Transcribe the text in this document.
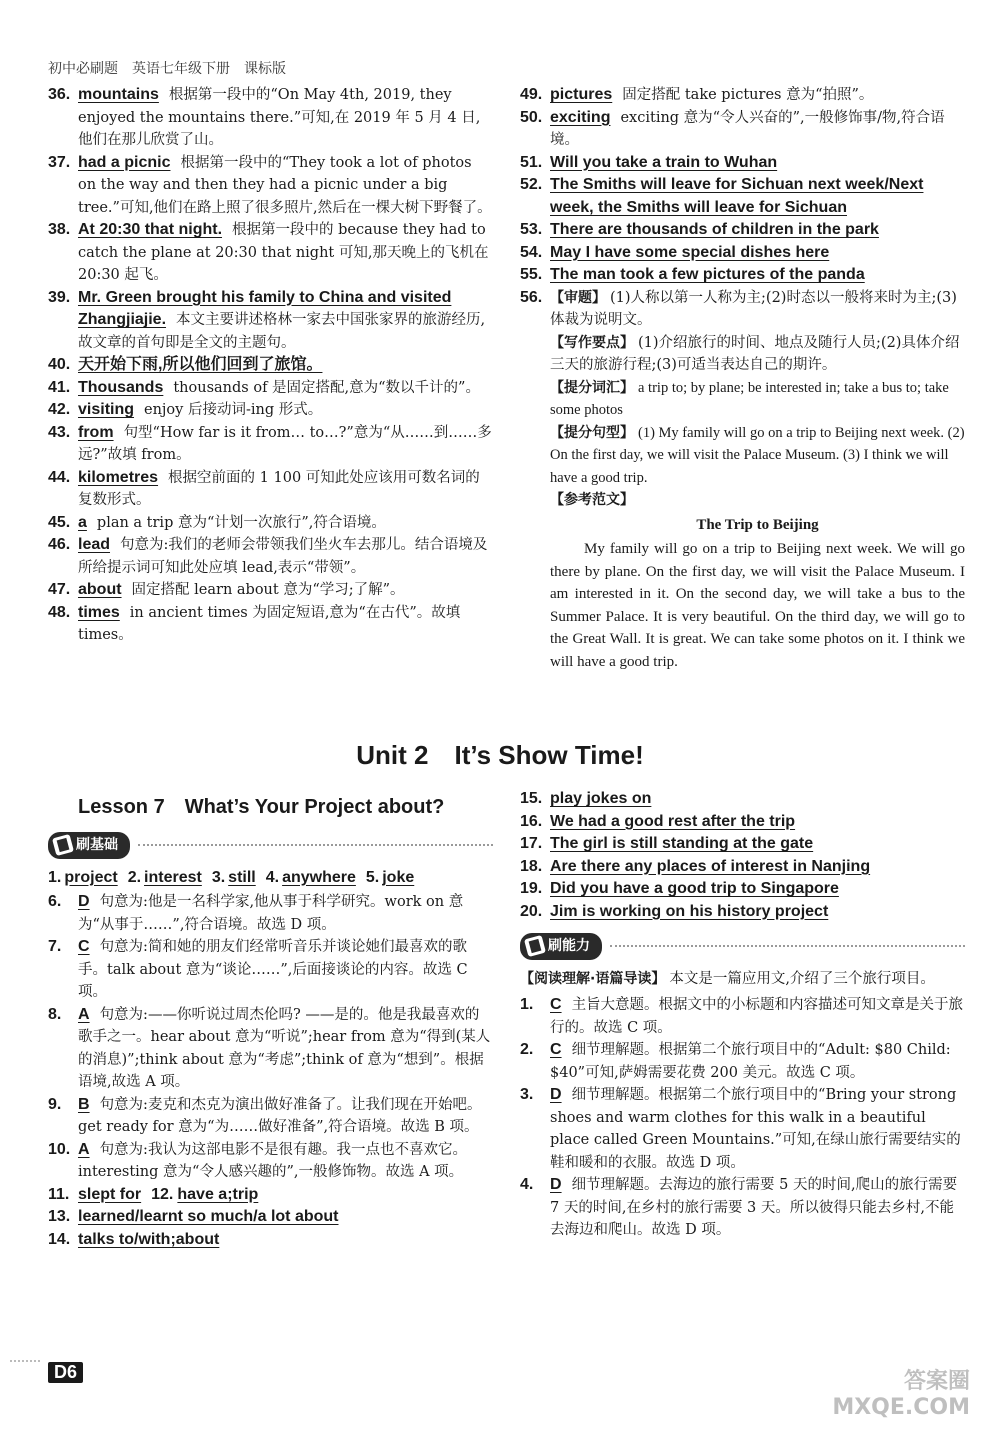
初中必刷题　英语七年级下册　课标版
36. mountains 根据第一段中的“On May 4th, 2019, they enjoyed the mountains there.”可知,在 2019 年 5 月 4 日,他们在那儿欣赏了山。
37. had a picnic 根据第一段中的“They took a lot of photos on the way and then they had a picnic under a big tree.”可知,他们在路上照了很多照片,然后在一棵大树下野餐了。
38. At 20:30 that night. 根据第一段中的 because they had to catch the plane at 20:30 that night 可知,那天晚上的飞机在 20:30 起飞。
39. Mr. Green brought his family to China and visited Zhangjiajie. 本文主要讲述格林一家去中国张家界的旅游经历,故文章的首句即是全文的主题句。
40. 天开始下雨,所以他们回到了旅馆。
41. Thousands thousands of 是固定搭配,意为“数以千计的”。
42. visiting enjoy 后接动词-ing 形式。
43. from 句型“How far is it from… to…?”意为“从……到……多远?”故填 from。
44. kilometres 根据空前面的 1 100 可知此处应该用可数名词的复数形式。
45. a plan a trip 意为“计划一次旅行”,符合语境。
46. lead 句意为:我们的老师会带领我们坐火车去那儿。结合语境及所给提示词可知此处应填 lead,表示“带领”。
47. about 固定搭配 learn about 意为“学习;了解”。
48. times in ancient times 为固定短语,意为“在古代”。故填 times。
49. pictures 固定搭配 take pictures 意为“拍照”。
50. exciting exciting 意为“令人兴奋的”,一般修饰事/物,符合语境。
51. Will you take a train to Wuhan
52. The Smiths will leave for Sichuan next week/Next week, the Smiths will leave for Sichuan
53. There are thousands of children in the park
54. May I have some special dishes here
55. The man took a few pictures of the panda
56. 【审题】 (1)人称以第一人称为主;(2)时态以一般将来时为主;(3)体裁为说明文。
【写作要点】 (1)介绍旅行的时间、地点及随行人员;(2)具体介绍三天的旅游行程;(3)可适当表达自己的期许。
【提分词汇】 a trip to; by plane; be interested in; take a bus to; take some photos
【提分句型】 (1) My family will go on a trip to Beijing next week. (2) On the first day, we will visit the Palace Museum. (3) I think we will have a good trip.
【参考范文】
The Trip to Beijing

My family will go on a trip to Beijing next week. We will go there by plane. On the first day, we will visit the Palace Museum. I am interested in it. On the second day, we will take a bus to the Summer Palace. It is very beautiful. On the third day, we will go to the Great Wall. It is great. We can take some photos on it. I think we will have a good trip.

Unit 2　It’s Show Time!
Lesson 7　What’s Your Project about?
刷基础
1. project 2. interest 3. still 4. anywhere 5. joke
6. D 句意为:他是一名科学家,他从事于科学研究。work on 意为“从事于……”,符合语境。故选 D 项。
7. C 句意为:简和她的朋友们经常听音乐并谈论她们最喜欢的歌手。talk about 意为“谈论……”,后面接谈论的内容。故选 C 项。
8. A 句意为:——你听说过周杰伦吗? ——是的。他是我最喜欢的歌手之一。hear about 意为“听说”;hear from 意为“得到(某人的消息)”;think about 意为“考虑”;think of 意为“想到”。根据语境,故选 A 项。
9. B 句意为:麦克和杰克为演出做好准备了。让我们现在开始吧。get ready for 意为“为……做好准备”,符合语境。故选 B 项。
10. A 句意为:我认为这部电影不是很有趣。我一点也不喜欢它。interesting 意为“令人感兴趣的”,一般修饰物。故选 A 项。
11. slept for 12. have a;trip
13. learned/learnt so much/a lot about
14. talks to/with;about
15. play jokes on
16. We had a good rest after the trip
17. The girl is still standing at the gate
18. Are there any places of interest in Nanjing
19. Did you have a good trip to Singapore
20. Jim is working on his history project
刷能力
【阅读理解·语篇导读】 本文是一篇应用文,介绍了三个旅行项目。
1. C 主旨大意题。根据文中的小标题和内容描述可知文章是关于旅行的。故选 C 项。
2. C 细节理解题。根据第二个旅行项目中的“Adult: $80 Child: $40”可知,萨姆需要花费 200 美元。故选 C 项。
3. D 细节理解题。根据第二个旅行项目中的“Bring your strong shoes and warm clothes for this walk in a beautiful place called Green Mountains.”可知,在绿山旅行需要结实的鞋和暖和的衣服。故选 D 项。
4. D 细节理解题。去海边的旅行需要 5 天的时间,爬山的旅行需要 7 天的时间,在乡村的旅行需要 3 天。所以彼得只能去乡村,不能去海边和爬山。故选 D 项。
D6	答案圈
MXQE.COM
